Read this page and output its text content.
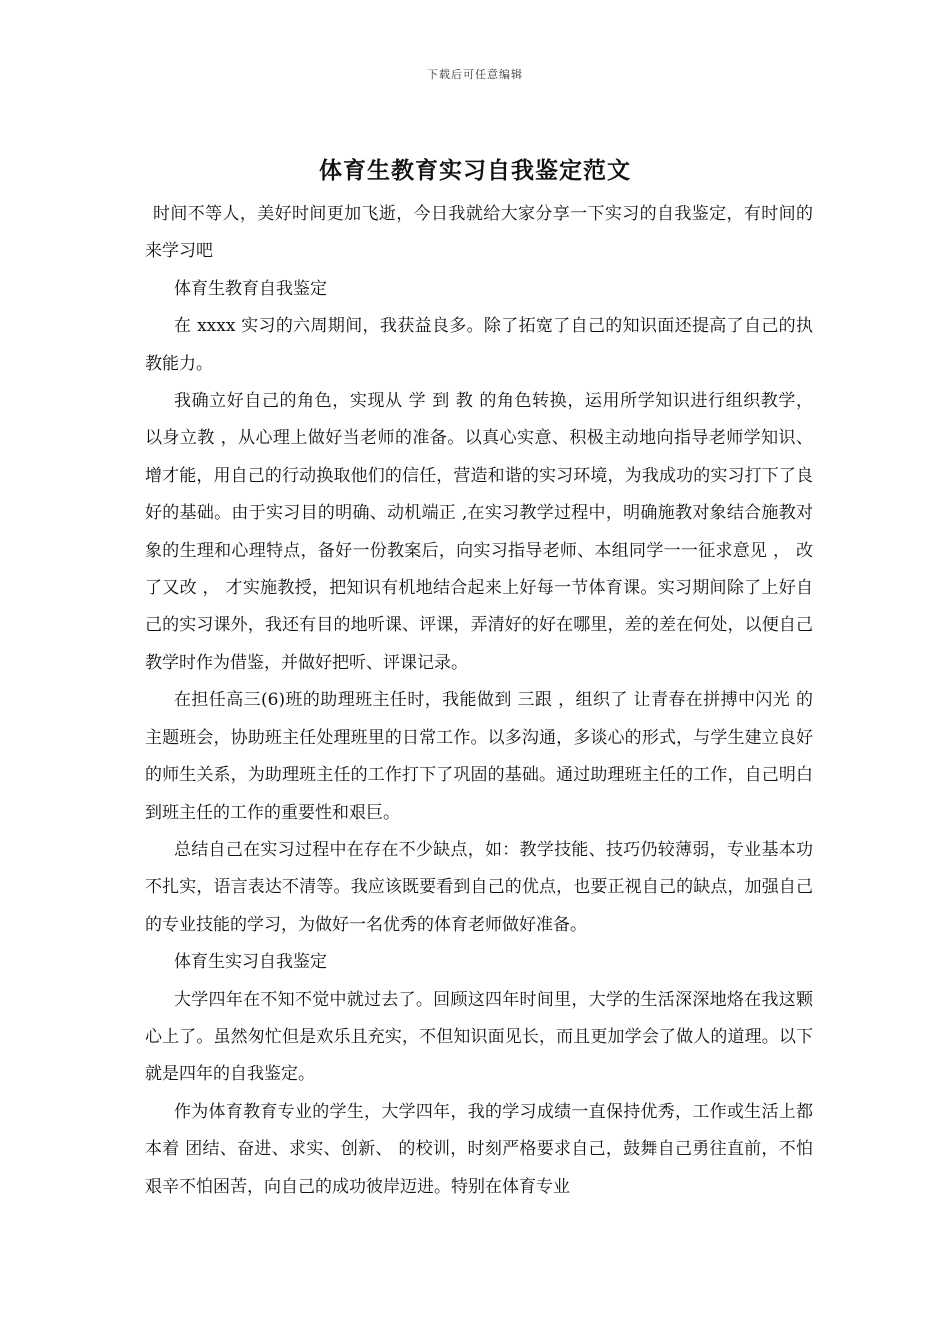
下载后可任意编辑
体育生教育实习自我鉴定范文

时间不等人，美好时间更加飞逝，今日我就给大家分享一下实习的自我鉴定，有时间的来学习吧

体育生教育自我鉴定

在 xxxx 实习的六周期间，我获益良多。除了拓宽了自己的知识面还提高了自己的执教能力。

我确立好自己的角色，实现从 学 到 教 的角色转换，运用所学知识进行组织教学， 以身立教 ，从心理上做好当老师的准备。以真心实意、积极主动地向指导老师学知识、增才能，用自己的行动换取他们的信任，营造和谐的实习环境，为我成功的实习打下了良好的基础。由于实习目的明确、动机端正 ,在实习教学过程中，明确施教对象结合施教对象的生理和心理特点，备好一份教案后，向实习指导老师、本组同学一一征求意见 ， 改了又改 ， 才实施教授，把知识有机地结合起来上好每一节体育课。实习期间除了上好自己的实习课外，我还有目的地听课、评课，弄清好的好在哪里，差的差在何处，以便自己教学时作为借鉴，并做好把听、评课记录。

在担任高三(6)班的助理班主任时，我能做到 三跟 ，组织了 让青春在拼搏中闪光 的主题班会，协助班主任处理班里的日常工作。以多沟通，多谈心的形式，与学生建立良好的师生关系，为助理班主任的工作打下了巩固的基础。通过助理班主任的工作，自己明白到班主任的工作的重要性和艰巨。

总结自己在实习过程中在存在不少缺点，如：教学技能、技巧仍较薄弱，专业基本功不扎实，语言表达不清等。我应该既要看到自己的优点，也要正视自己的缺点，加强自己的专业技能的学习，为做好一名优秀的体育老师做好准备。

体育生实习自我鉴定

大学四年在不知不觉中就过去了。回顾这四年时间里，大学的生活深深地烙在我这颗心上了。虽然匆忙但是欢乐且充实，不但知识面见长，而且更加学会了做人的道理。以下就是四年的自我鉴定。

作为体育教育专业的学生，大学四年，我的学习成绩一直保持优秀，工作或生活上都本着 团结、奋进、求实、创新、 的校训，时刻严格要求自己，鼓舞自己勇往直前，不怕艰辛不怕困苦，向自己的成功彼岸迈进。特别在体育专业
